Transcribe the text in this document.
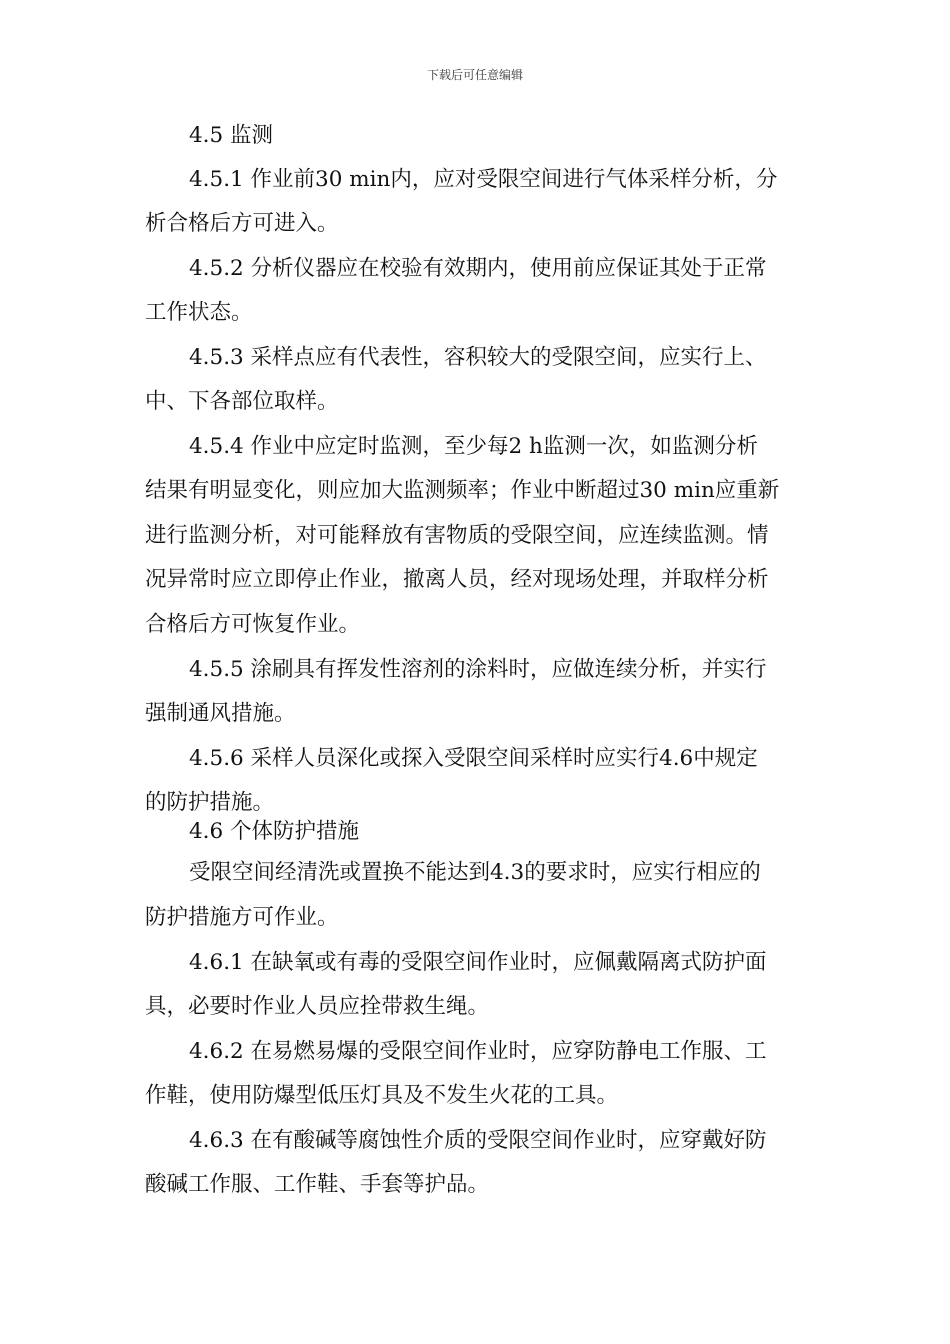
下载后可任意编辑
4.5 监测
4.5.1 作业前30 min内，应对受限空间进行气体采样分析，分
析合格后方可进入。
4.5.2 分析仪器应在校验有效期内，使用前应保证其处于正常
工作状态。
4.5.3 采样点应有代表性，容积较大的受限空间，应实行上、
中、下各部位取样。
4.5.4 作业中应定时监测，至少每2 h监测一次，如监测分析
结果有明显变化，则应加大监测频率；作业中断超过30 min应重新
进行监测分析，对可能释放有害物质的受限空间，应连续监测。情
况异常时应立即停止作业，撤离人员，经对现场处理，并取样分析
合格后方可恢复作业。
4.5.5 涂刷具有挥发性溶剂的涂料时，应做连续分析，并实行
强制通风措施。
4.5.6 采样人员深化或探入受限空间采样时应实行4.6中规定
的防护措施。
4.6 个体防护措施
受限空间经清洗或置换不能达到4.3的要求时，应实行相应的
防护措施方可作业。
4.6.1 在缺氧或有毒的受限空间作业时，应佩戴隔离式防护面
具，必要时作业人员应拴带救生绳。
4.6.2 在易燃易爆的受限空间作业时，应穿防静电工作服、工
作鞋，使用防爆型低压灯具及不发生火花的工具。
4.6.3 在有酸碱等腐蚀性介质的受限空间作业时，应穿戴好防
酸碱工作服、工作鞋、手套等护品。
